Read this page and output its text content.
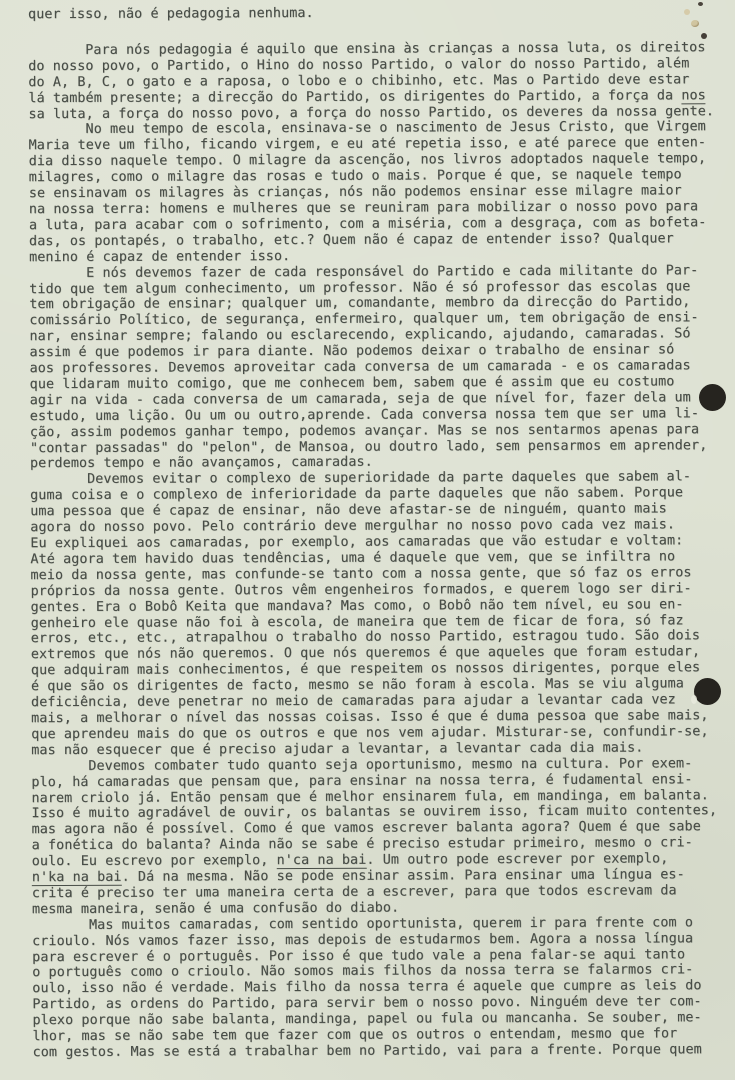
quer isso, não é pedagogia nenhuma.
Para nós pedagogia é aquilo que ensina às crianças a nossa luta, os direitos
do nosso povo, o Partido, o Hino do nosso Partido, o valor do nosso Partido, além
do A, B, C, o gato e a raposa, o lobo e o chibinho, etc. Mas o Partido deve estar
lá também presente; a direcção do Partido, os dirigentes do Partido, a força da nos
sa luta, a força do nosso povo, a força do nosso Partido, os deveres da nossa gente.
No meu tempo de escola, ensinava-se o nascimento de Jesus Cristo, que Virgem
Maria teve um filho, ficando virgem, e eu até repetia isso, e até parece que enten-
dia disso naquele tempo. O milagre da ascenção, nos livros adoptados naquele tempo,
milagres, como o milagre das rosas e tudo o mais. Porque é que, se naquele tempo
se ensinavam os milagres às crianças, nós não podemos ensinar esse milagre maior
na nossa terra: homens e mulheres que se reuniram para mobilizar o nosso povo para
a luta, para acabar com o sofrimento, com a miséria, com a desgraça, com as bofeta-
das, os pontapés, o trabalho, etc.? Quem não é capaz de entender isso? Qualquer
menino é capaz de entender isso.
E nós devemos fazer de cada responsável do Partido e cada militante do Par-
tido que tem algum conhecimento, um professor. Não é só professor das escolas que
tem obrigação de ensinar; qualquer um, comandante, membro da direcção do Partido,
comissário Político, de segurança, enfermeiro, qualquer um, tem obrigação de ensi-
nar, ensinar sempre; falando ou esclarecendo, explicando, ajudando, camaradas. Só
assim é que podemos ir para diante. Não podemos deixar o trabalho de ensinar só
aos professores. Devemos aproveitar cada conversa de um camarada - e os camaradas
que lidaram muito comigo, que me conhecem bem, sabem que é assim que eu costumo
agir na vida - cada conversa de um camarada, seja de que nível for, fazer dela um
estudo, uma lição. Ou um ou outro,aprende. Cada conversa nossa tem que ser uma li-
ção, assim podemos ganhar tempo, podemos avançar. Mas se nos sentarmos apenas para
"contar passadas" do "pelon", de Mansoa, ou doutro lado, sem pensarmos em aprender,
perdemos tempo e não avançamos, camaradas.
Devemos evitar o complexo de superioridade da parte daqueles que sabem al-
guma coisa e o complexo de inferioridade da parte daqueles que não sabem. Porque
uma pessoa que é capaz de ensinar, não deve afastar-se de ninguém, quanto mais
agora do nosso povo. Pelo contrário deve mergulhar no nosso povo cada vez mais.
Eu expliquei aos camaradas, por exemplo, aos camaradas que vão estudar e voltam:
Até agora tem havido duas tendências, uma é daquele que vem, que se infiltra no
meio da nossa gente, mas confunde-se tanto com a nossa gente, que só faz os erros
próprios da nossa gente. Outros vêm engenheiros formados, e querem logo ser diri-
gentes. Era o Bobô Keita que mandava? Mas como, o Bobô não tem nível, eu sou en-
genheiro ele quase não foi à escola, de maneira que tem de ficar de fora, só faz
erros, etc., etc., atrapalhou o trabalho do nosso Partido, estragou tudo. São dois
extremos que nós não queremos. O que nós queremos é que aqueles que foram estudar,
que adquiram mais conhecimentos, é que respeitem os nossos dirigentes, porque eles
é que são os dirigentes de facto, mesmo se não foram à escola. Mas se viu alguma
deficiência, deve penetrar no meio de camaradas para ajudar a levantar cada vez
mais, a melhorar o nível das nossas coisas. Isso é que é duma pessoa que sabe mais,
que aprendeu mais do que os outros e que nos vem ajudar. Misturar-se, confundir-se,
mas não esquecer que é preciso ajudar a levantar, a levantar cada dia mais.
Devemos combater tudo quanto seja oportunismo, mesmo na cultura. Por exem-
plo, há camaradas que pensam que, para ensinar na nossa terra, é fudamental ensi-
narem criolo já. Então pensam que é melhor ensinarem fula, em mandinga, em balanta.
Isso é muito agradável de ouvir, os balantas se ouvirem isso, ficam muito contentes,
mas agora não é possível. Como é que vamos escrever balanta agora? Quem é que sabe
a fonética do balanta? Ainda não se sabe é preciso estudar primeiro, mesmo o cri-
oulo. Eu escrevo por exemplo, n'ca na bai. Um outro pode escrever por exemplo,
n'ka na bai. Dá na mesma. Não se pode ensinar assim. Para ensinar uma língua es-
crita é preciso ter uma maneira certa de a escrever, para que todos escrevam da
mesma maneira, senão é uma confusão do diabo.
Mas muitos camaradas, com sentido oportunista, querem ir para frente com o
crioulo. Nós vamos fazer isso, mas depois de estudarmos bem. Agora a nossa língua
para escrever é o português. Por isso é que tudo vale a pena falar-se aqui tanto
o português como o crioulo. Não somos mais filhos da nossa terra se falarmos cri-
oulo, isso não é verdade. Mais filho da nossa terra é aquele que cumpre as leis do
Partido, as ordens do Partido, para servir bem o nosso povo. Ninguém deve ter com-
plexo porque não sabe balanta, mandinga, papel ou fula ou mancanha. Se souber, me-
lhor, mas se não sabe tem que fazer com que os outros o entendam, mesmo que for
com gestos. Mas se está a trabalhar bem no Partido, vai para a frente. Porque quem
